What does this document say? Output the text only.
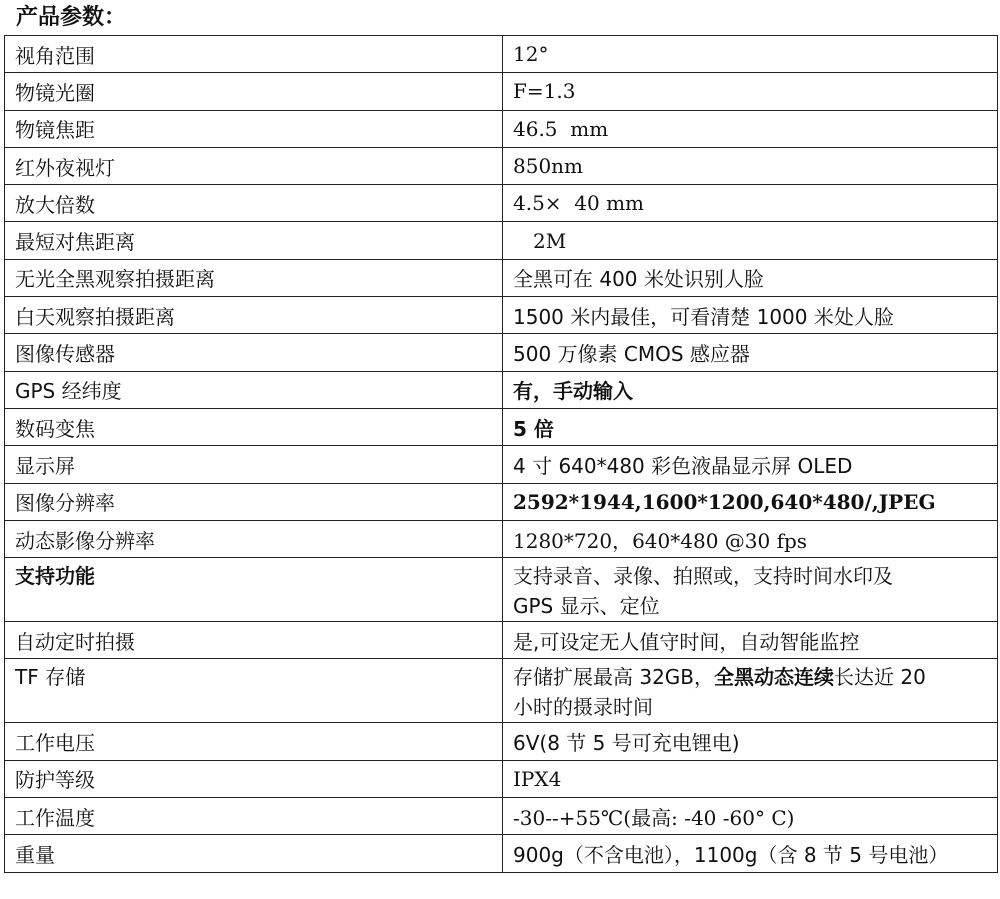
产品参数：
视角范围	12°
物镜光圈	F=1.3
物镜焦距	46.5  mm
红外夜视灯	850nm
放大倍数	4.5×  40 mm
最短对焦距离	2M
无光全黑观察拍摄距离	全黑可在 400 米处识别人脸
白天观察拍摄距离	1500 米内最佳，可看清楚 1000 米处人脸
图像传感器	500 万像素 CMOS 感应器
GPS 经纬度	有，手动输入
数码变焦	5 倍
显示屏	4 寸 640*480 彩色液晶显示屏 OLED
图像分辨率	2592*1944,1600*1200,640*480/,JPEG
动态影像分辨率	1280*720，640*480 @30 fps
支持功能	支持录音、录像、拍照或，支持时间水印及
GPS 显示、定位

自动定时拍摄	是,可设定无人值守时间，自动智能监控
TF 存储	存储扩展最高 32GB，全黑动态连续长达近 20
小时的摄录时间

工作电压	6V(8 节 5 号可充电锂电)
防护等级	IPX4
工作温度	-30--+55℃(最高: -40 -60° C)
重量	900g（不含电池），1100g（含 8 节 5 号电池）
